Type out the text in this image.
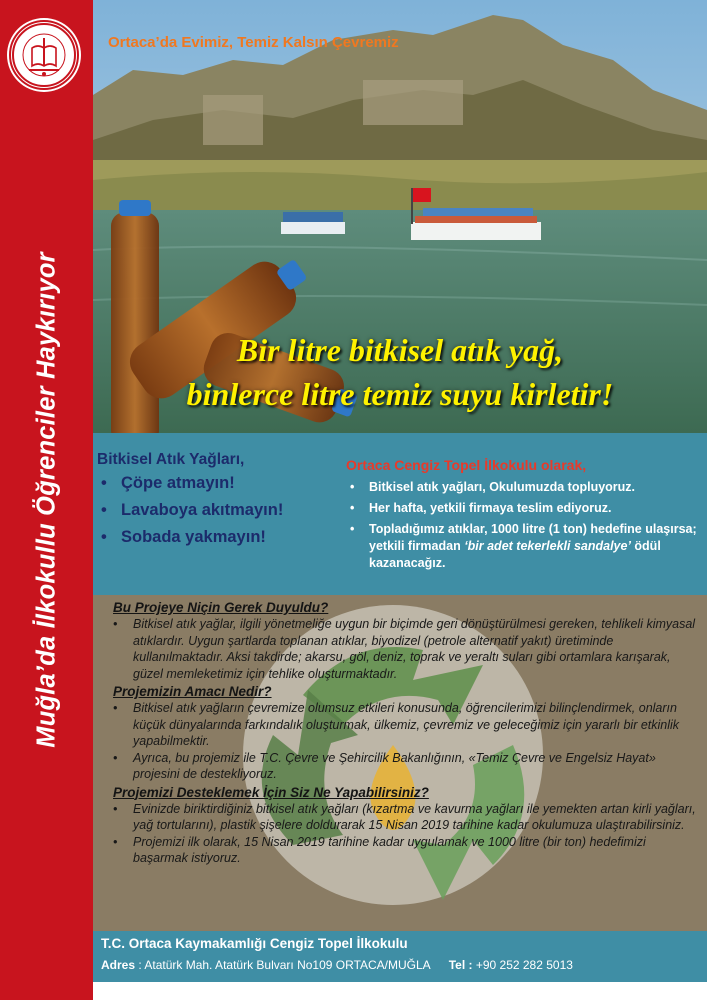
Muğla’da İlkokullu Öğrenciler Haykırıyor
Ortaca’da Evimiz, Temiz Kalsın Çevremiz
Bir litre bitkisel atık yağ,
binlerce litre temiz suyu kirletir!
Bitkisel Atık Yağları,
• Çöpe atmayın!
• Lavaboya akıtmayın!
• Sobada yakmayın!
Ortaca Cengiz Topel İlkokulu olarak,
• Bitkisel atık yağları, Okulumuzda topluyoruz.
• Her hafta, yetkili firmaya teslim ediyoruz.
• Topladığımız atıklar, 1000 litre (1 ton) hedefine ulaşırsa; yetkili firmadan ‘bir adet tekerlekli sandalye’ ödül kazanacağız.
Bu Projeye Niçin Gerek Duyuldu?
• Bitkisel atık yağlar, ilgili yönetmeliğe uygun bir biçimde geri dönüştürülmesi gereken, tehlikeli kimyasal atıklardır. Uygun şartlarda toplanan atıklar, biyodizel (petrole alternatif yakıt) üretiminde kullanılmaktadır. Aksi takdirde; akarsu, göl, deniz, toprak ve yeraltı suları gibi ortamlara karışarak, güzel memleketimiz için tehlike oluşturmaktadır.
Projemizin Amacı Nedir?
• Bitkisel atık yağların çevremize olumsuz etkileri konusunda, öğrencilerimizi bilinçlendirmek, onların küçük dünyalarında farkındalık oluşturmak, ülkemiz, çevremiz ve geleceğimiz için yararlı bir etkinlik yapabilmektir.
• Ayrıca, bu projemiz ile T.C. Çevre ve Şehircilik Bakanlığının, «Temiz Çevre ve Engelsiz Hayat» projesini de destekliyoruz.
Projemizi Desteklemek İçin Siz Ne Yapabilirsiniz?
• Evinizde biriktirdiğiniz bitkisel atık yağları (kızartma ve kavurma yağları ile yemekten artan kirli yağları, yağ tortularını), plastik şişelere doldurarak 15 Nisan 2019 tarihine kadar okulumuza ulaştırabilirsiniz.
• Projemizi ilk olarak, 15 Nisan 2019 tarihine kadar uygulamak ve 1000 litre (bir ton) hedefimizi başarmak istiyoruz.
T.C. Ortaca Kaymakamlığı Cengiz Topel İlkokulu
Adres : Atatürk Mah. Atatürk Bulvarı No109 ORTACA/MUĞLA Tel : +90 252 282 5013
